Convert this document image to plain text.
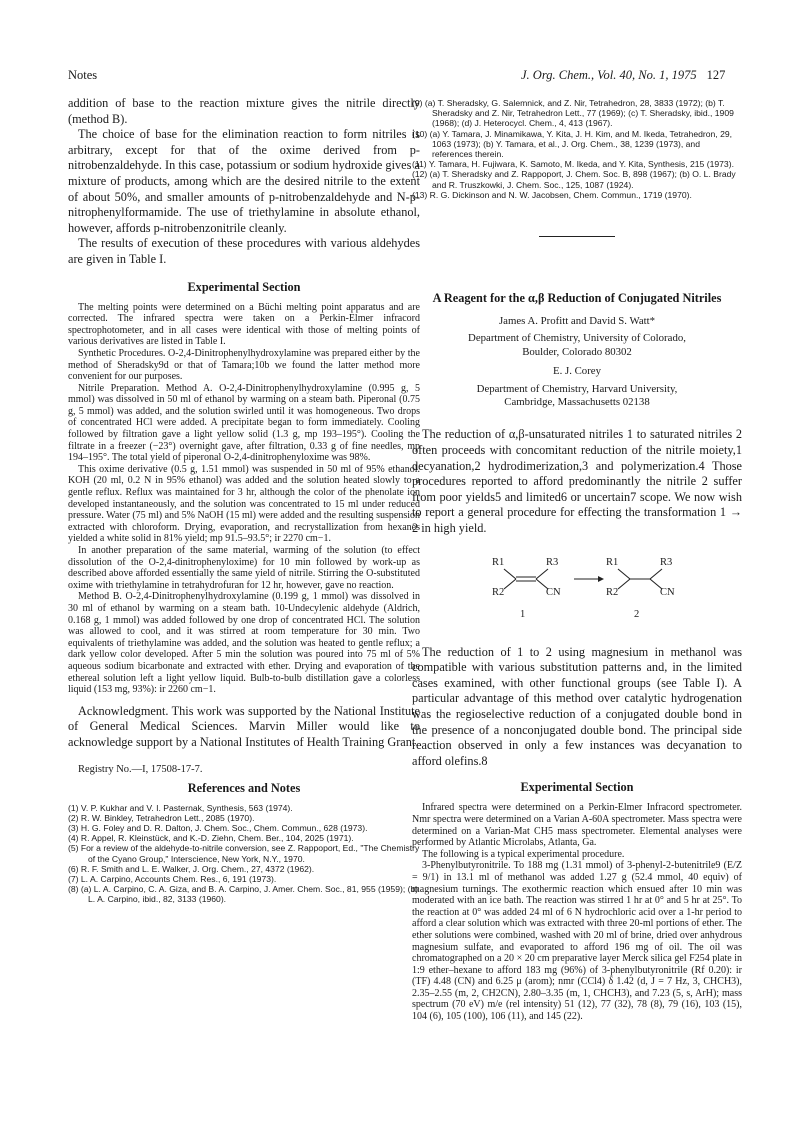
Notes	J. Org. Chem., Vol. 40, No. 1, 1975 127

addition of base to the reaction mixture gives the nitrile directly (method B).

The choice of base for the elimination reaction to form nitriles is arbitrary, except for that of the oxime derived from p-nitrobenzaldehyde. In this case, potassium or sodium hydroxide gives a mixture of products, among which are the desired nitrile to the extent of about 50%, and smaller amounts of p-nitrobenzaldehyde and N-p-nitrophenylformamide. The use of triethylamine in absolute ethanol, however, affords p-nitrobenzonitrile cleanly.

The results of execution of these procedures with various aldehydes are given in Table I.

Experimental Section

The melting points were determined on a Büchi melting point apparatus and are corrected. The infrared spectra were taken on a Perkin-Elmer infracord spectrophotometer, and in all cases were identical with those of melting points of various derivatives are listed in Table I.

Synthetic Procedures. O-2,4-Dinitrophenylhydroxylamine was prepared either by the method of Sheradsky9d or that of Tamara;10b we found the latter method more convenient for our purposes.

Nitrile Preparation. Method A. O-2,4-Dinitrophenylhydroxylamine (0.995 g, 5 mmol) was dissolved in 50 ml of ethanol by warming on a steam bath. Piperonal (0.75 g, 5 mmol) was added, and the solution swirled until it was homogeneous. Two drops of concentrated HCl were added. A precipitate began to form immediately. Cooling followed by filtration gave a light yellow solid (1.3 g, mp 193–195°). Cooling the filtrate in a freezer (−23°) overnight gave, after filtration, 0.33 g of fine needles, mp 194–195°. The total yield of piperonal O-2,4-dinitrophenyloxime was 98%.

This oxime derivative (0.5 g, 1.51 mmol) was suspended in 50 ml of 95% ethanol. KOH (20 ml, 0.2 N in 95% ethanol) was added and the solution heated slowly to a gentle reflux. Reflux was maintained for 3 hr, although the color of the phenolate ion developed instantaneously, and the solution was concentrated to 15 ml under reduced pressure. Water (75 ml) and 5% NaOH (15 ml) were added and the resulting suspension extracted with chloroform. Drying, evaporation, and recrystallization from hexanes yielded a white solid in 81% yield; mp 91.5–93.5°; ir 2270 cm−1.

In another preparation of the same material, warming of the solution (to effect dissolution of the O-2,4-dinitrophenyloxime) for 10 min followed by work-up as described above afforded essentially the same yield of nitrile. Stirring the O-substituted oxime with triethylamine in tetrahydrofuran for 12 hr, however, gave no reaction.

Method B. O-2,4-Dinitrophenylhydroxylamine (0.199 g, 1 mmol) was dissolved in 30 ml of ethanol by warming on a steam bath. 10-Undecylenic aldehyde (Aldrich, 0.168 g, 1 mmol) was added followed by one drop of concentrated HCl. The solution was allowed to cool, and it was stirred at room temperature for 30 min. Two equivalents of triethylamine was added, and the solution was heated to gentle reflux; a dark yellow color developed. After 5 min the solution was poured into 75 ml of 5% aqueous sodium bicarbonate and extracted with ether. Drying and evaporation of the ethereal solution left a light yellow liquid. Bulb-to-bulb distillation gave a colorless liquid (153 mg, 93%): ir 2260 cm−1.

Acknowledgment. This work was supported by the National Institute of General Medical Sciences. Marvin Miller would like to acknowledge support by a National Institutes of Health Training Grant.

Registry No.—I, 17508-17-7.

References and Notes

(1) V. P. Kukhar and V. I. Pasternak, Synthesis, 563 (1974).

(2) R. W. Binkley, Tetrahedron Lett., 2085 (1970).

(3) H. G. Foley and D. R. Dalton, J. Chem. Soc., Chem. Commun., 628 (1973).

(4) R. Appel, R. Kleinstück, and K.-D. Ziehn, Chem. Ber., 104, 2025 (1971).

(5) For a review of the aldehyde-to-nitrile conversion, see Z. Rappoport, Ed., "The Chemistry of the Cyano Group," Interscience, New York, N.Y., 1970.

(6) R. F. Smith and L. E. Walker, J. Org. Chem., 27, 4372 (1962).

(7) L. A. Carpino, Accounts Chem. Res., 6, 191 (1973).

(8) (a) L. A. Carpino, C. A. Giza, and B. A. Carpino, J. Amer. Chem. Soc., 81, 955 (1959); (b) L. A. Carpino, ibid., 82, 3133 (1960).

(9) (a) T. Sheradsky, G. Salemnick, and Z. Nir, Tetrahedron, 28, 3833 (1972); (b) T. Sheradsky and Z. Nir, Tetrahedron Lett., 77 (1969); (c) T. Sheradsky, ibid., 1909 (1968); (d) J. Heterocycl. Chem., 4, 413 (1967).

(10) (a) Y. Tamara, J. Minamikawa, Y. Kita, J. H. Kim, and M. Ikeda, Tetrahedron, 29, 1063 (1973); (b) Y. Tamara, et al., J. Org. Chem., 38, 1239 (1973), and references therein.

(11) Y. Tamara, H. Fujiwara, K. Samoto, M. Ikeda, and Y. Kita, Synthesis, 215 (1973).

(12) (a) T. Sheradsky and Z. Rappoport, J. Chem. Soc. B, 898 (1967); (b) O. L. Brady and R. Truszkowki, J. Chem. Soc., 125, 1087 (1924).

(13) R. G. Dickinson and N. W. Jacobsen, Chem. Commun., 1719 (1970).

A Reagent for the α,β Reduction of Conjugated Nitriles
James A. Profitt and David S. Watt*
Department of Chemistry, University of Colorado,
Boulder, Colorado 80302
E. J. Corey
Department of Chemistry, Harvard University,
Cambridge, Massachusetts 02138

The reduction of α,β-unsaturated nitriles 1 to saturated nitriles 2 often proceeds with concomitant reduction of the nitrile moiety,1 decyanation,2 hydrodimerization,3 and polymerization.4 Those procedures reported to afford predominantly the nitrile 2 suffer from poor yields5 and limited6 or uncertain7 scope. We now wish to report a general procedure for effecting the transformation 1 → 2 in high yield.

R1
R2
R3
CN
1
R1
R2
R3
CN
2

The reduction of 1 to 2 using magnesium in methanol was compatible with various substitution patterns and, in the limited cases examined, with other functional groups (see Table I). A particular advantage of this method over catalytic hydrogenation was the regioselective reduction of a conjugated double bond in the presence of a nonconjugated double bond. The principal side reaction observed in only a few instances was decyanation to afford olefins.8

Experimental Section

Infrared spectra were determined on a Perkin-Elmer Infracord spectrometer. Nmr spectra were determined on a Varian A-60A spectrometer. Mass spectra were determined on a Varian-Mat CH5 mass spectrometer. Elemental analyses were performed by Atlantic Microlabs, Atlanta, Ga.

The following is a typical experimental procedure.

3-Phenylbutyronitrile. To 188 mg (1.31 mmol) of 3-phenyl-2-butenitrile9 (E/Z = 9/1) in 13.1 ml of methanol was added 1.27 g (52.4 mmol, 40 equiv) of magnesium turnings. The exothermic reaction which ensued after 10 min was moderated with an ice bath. The reaction was stirred 1 hr at 0° and 5 hr at 25°. To the reaction at 0° was added 24 ml of 6 N hydrochloric acid over a 1-hr period to afford a clear solution which was extracted with three 20-ml portions of ether. The ether solutions were combined, washed with 20 ml of brine, dried over anhydrous magnesium sulfate, and evaporated to afford 196 mg of oil. The oil was chromatographed on a 20 × 20 cm preparative layer Merck silica gel F254 plate in 1:9 ether–hexane to afford 183 mg (96%) of 3-phenylbutyronitrile (Rf 0.20): ir (TF) 4.48 (CN) and 6.25 μ (arom); nmr (CCl4) δ 1.42 (d, J = 7 Hz, 3, CHCH3), 2.35–2.55 (m, 2, CH2CN), 2.80–3.35 (m, 1, CHCH3), and 7.23 (5, s, ArH); mass spectrum (70 eV) m/e (rel intensity) 51 (12), 77 (32), 78 (8), 79 (16), 103 (15), 104 (6), 105 (100), 106 (11), and 145 (22).
